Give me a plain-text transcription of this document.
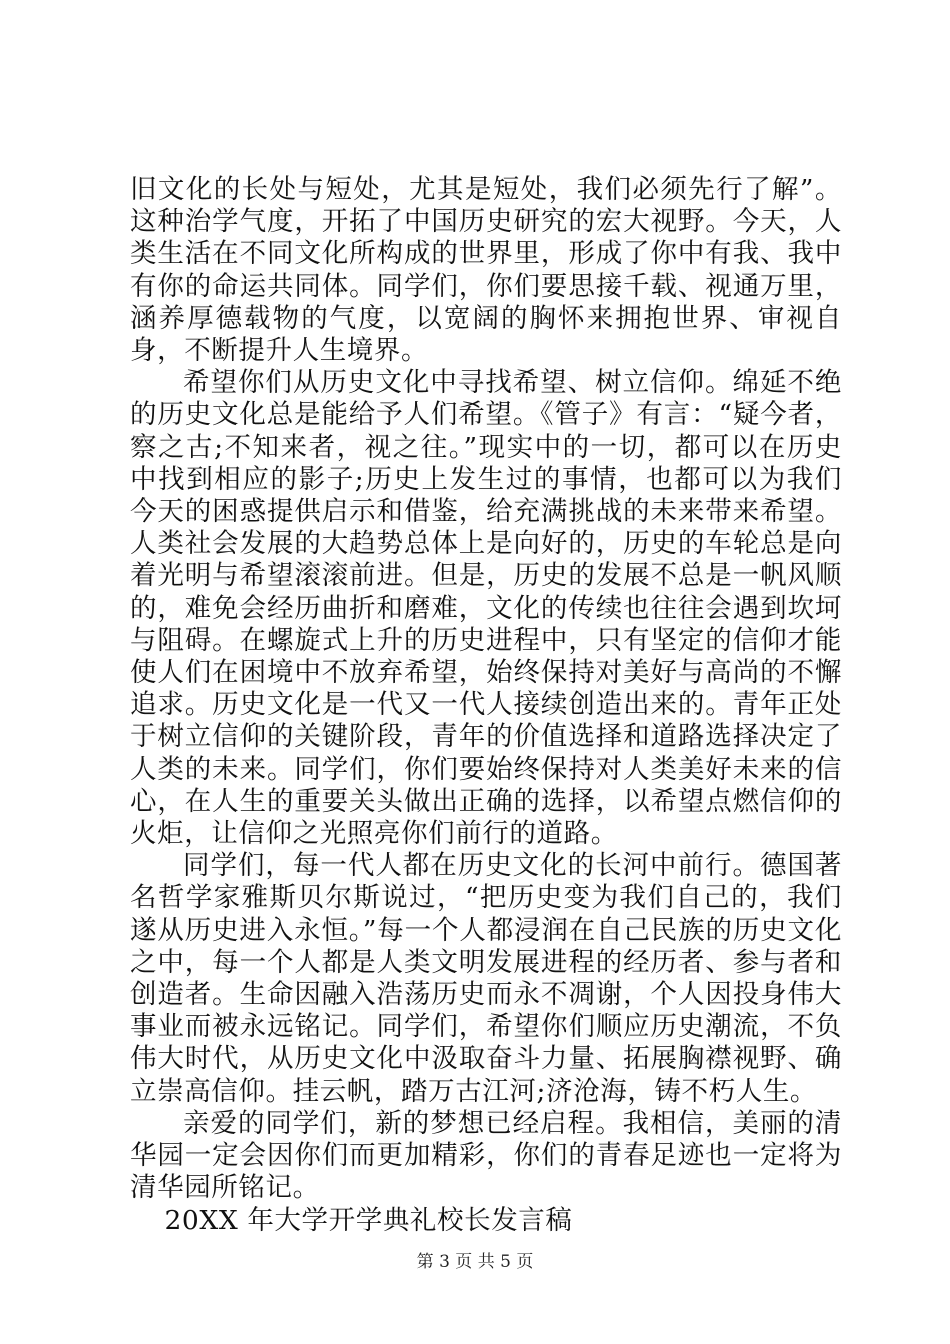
旧文化的长处与短处，尤其是短处，我们必须先行了解”。这种治学气度，开拓了中国历史研究的宏大视野。今天，人类生活在不同文化所构成的世界里，形成了你中有我、我中有你的命运共同体。同学们，你们要思接千载、视通万里，涵养厚德载物的气度，以宽阔的胸怀来拥抱世界、审视自身，不断提升人生境界。

希望你们从历史文化中寻找希望、树立信仰。绵延不绝的历史文化总是能给予人们希望。《管子》有言：“疑今者，察之古;不知来者，视之往。”现实中的一切，都可以在历史中找到相应的影子;历史上发生过的事情，也都可以为我们今天的困惑提供启示和借鉴，给充满挑战的未来带来希望。人类社会发展的大趋势总体上是向好的，历史的车轮总是向着光明与希望滚滚前进。但是，历史的发展不总是一帆风顺的，难免会经历曲折和磨难，文化的传续也往往会遇到坎坷与阻碍。在螺旋式上升的历史进程中，只有坚定的信仰才能使人们在困境中不放弃希望，始终保持对美好与高尚的不懈追求。历史文化是一代又一代人接续创造出来的。青年正处于树立信仰的关键阶段，青年的价值选择和道路选择决定了人类的未来。同学们，你们要始终保持对人类美好未来的信心，在人生的重要关头做出正确的选择，以希望点燃信仰的火炬，让信仰之光照亮你们前行的道路。

同学们，每一代人都在历史文化的长河中前行。德国著名哲学家雅斯贝尔斯说过，“把历史变为我们自己的，我们遂从历史进入永恒。”每一个人都浸润在自己民族的历史文化之中，每一个人都是人类文明发展进程的经历者、参与者和创造者。生命因融入浩荡历史而永不凋谢，个人因投身伟大事业而被永远铭记。同学们，希望你们顺应历史潮流，不负伟大时代，从历史文化中汲取奋斗力量、拓展胸襟视野、确立崇高信仰。挂云帆，踏万古江河;济沧海，铸不朽人生。

亲爱的同学们，新的梦想已经启程。我相信，美丽的清华园一定会因你们而更加精彩，你们的青春足迹也一定将为清华园所铭记。

20XX 年大学开学典礼校长发言稿

第 3 页 共 5 页
